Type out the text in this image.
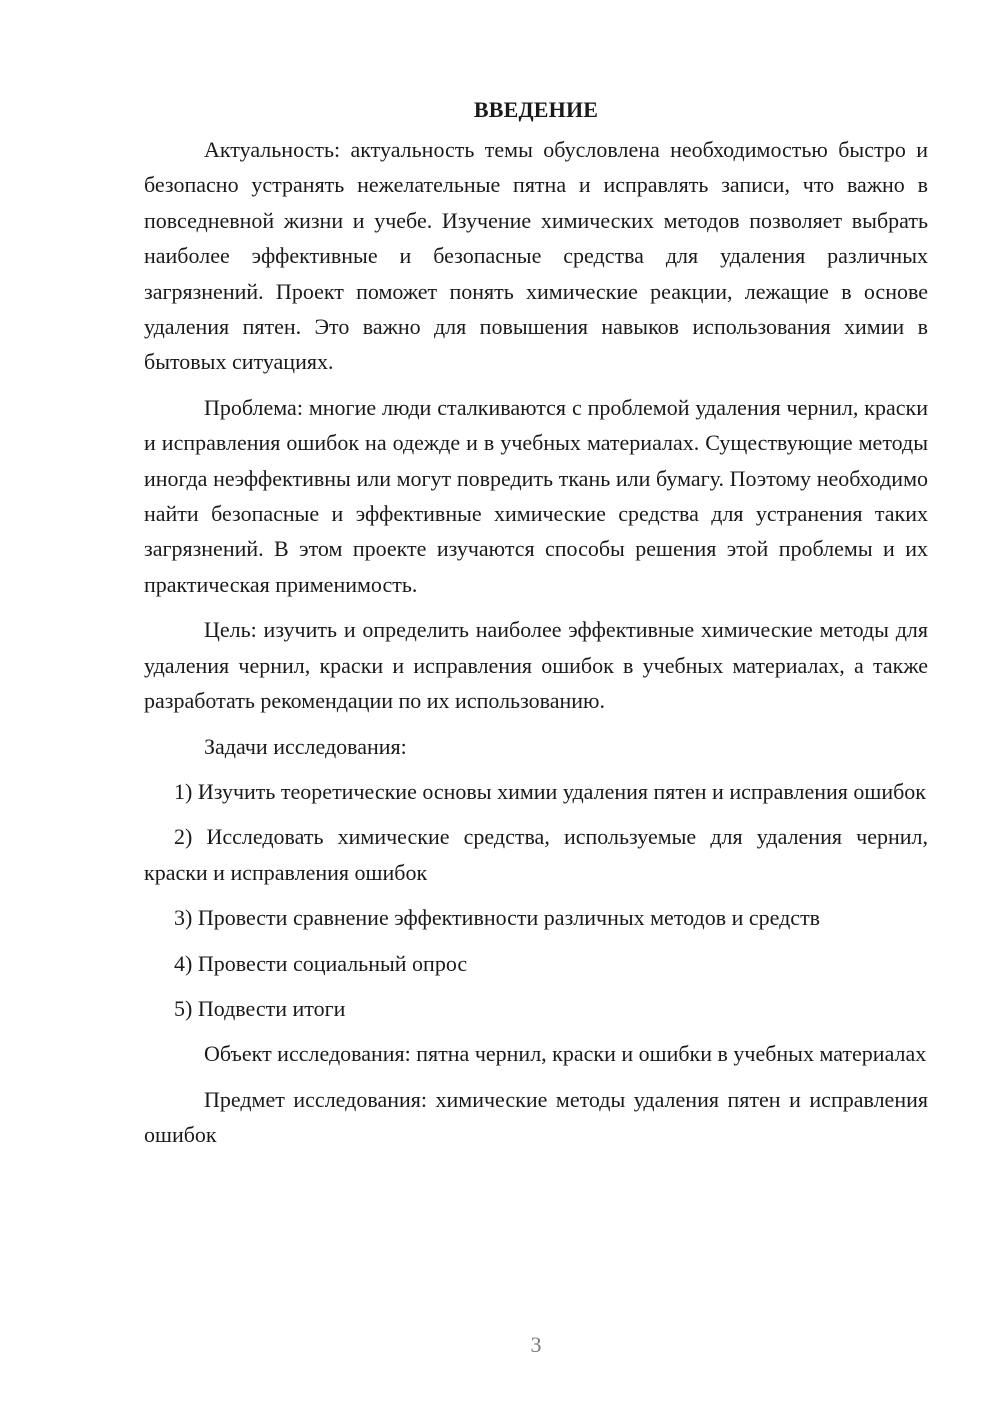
ВВЕДЕНИЕ

Актуальность: актуальность темы обусловлена необходимостью быстро и безопасно устранять нежелательные пятна и исправлять записи, что важно в повседневной жизни и учебе. Изучение химических методов позволяет выбрать наиболее эффективные и безопасные средства для удаления различных загрязнений. Проект поможет понять химические реакции, лежащие в основе удаления пятен. Это важно для повышения навыков использования химии в бытовых ситуациях.

Проблема: многие люди сталкиваются с проблемой удаления чернил, краски и исправления ошибок на одежде и в учебных материалах. Существующие методы иногда неэффективны или могут повредить ткань или бумагу. Поэтому необходимо найти безопасные и эффективные химические средства для устранения таких загрязнений. В этом проекте изучаются способы решения этой проблемы и их практическая применимость.

Цель: изучить и определить наиболее эффективные химические методы для удаления чернил, краски и исправления ошибок в учебных материалах, а также разработать рекомендации по их использованию.

Задачи исследования:

1) Изучить теоретические основы химии удаления пятен и исправления ошибок

2) Исследовать химические средства, используемые для удаления чернил, краски и исправления ошибок

3) Провести сравнение эффективности различных методов и средств

4) Провести социальный опрос

5) Подвести итоги

Объект исследования: пятна чернил, краски и ошибки в учебных материалах

Предмет исследования: химические методы удаления пятен и исправления ошибок

3
